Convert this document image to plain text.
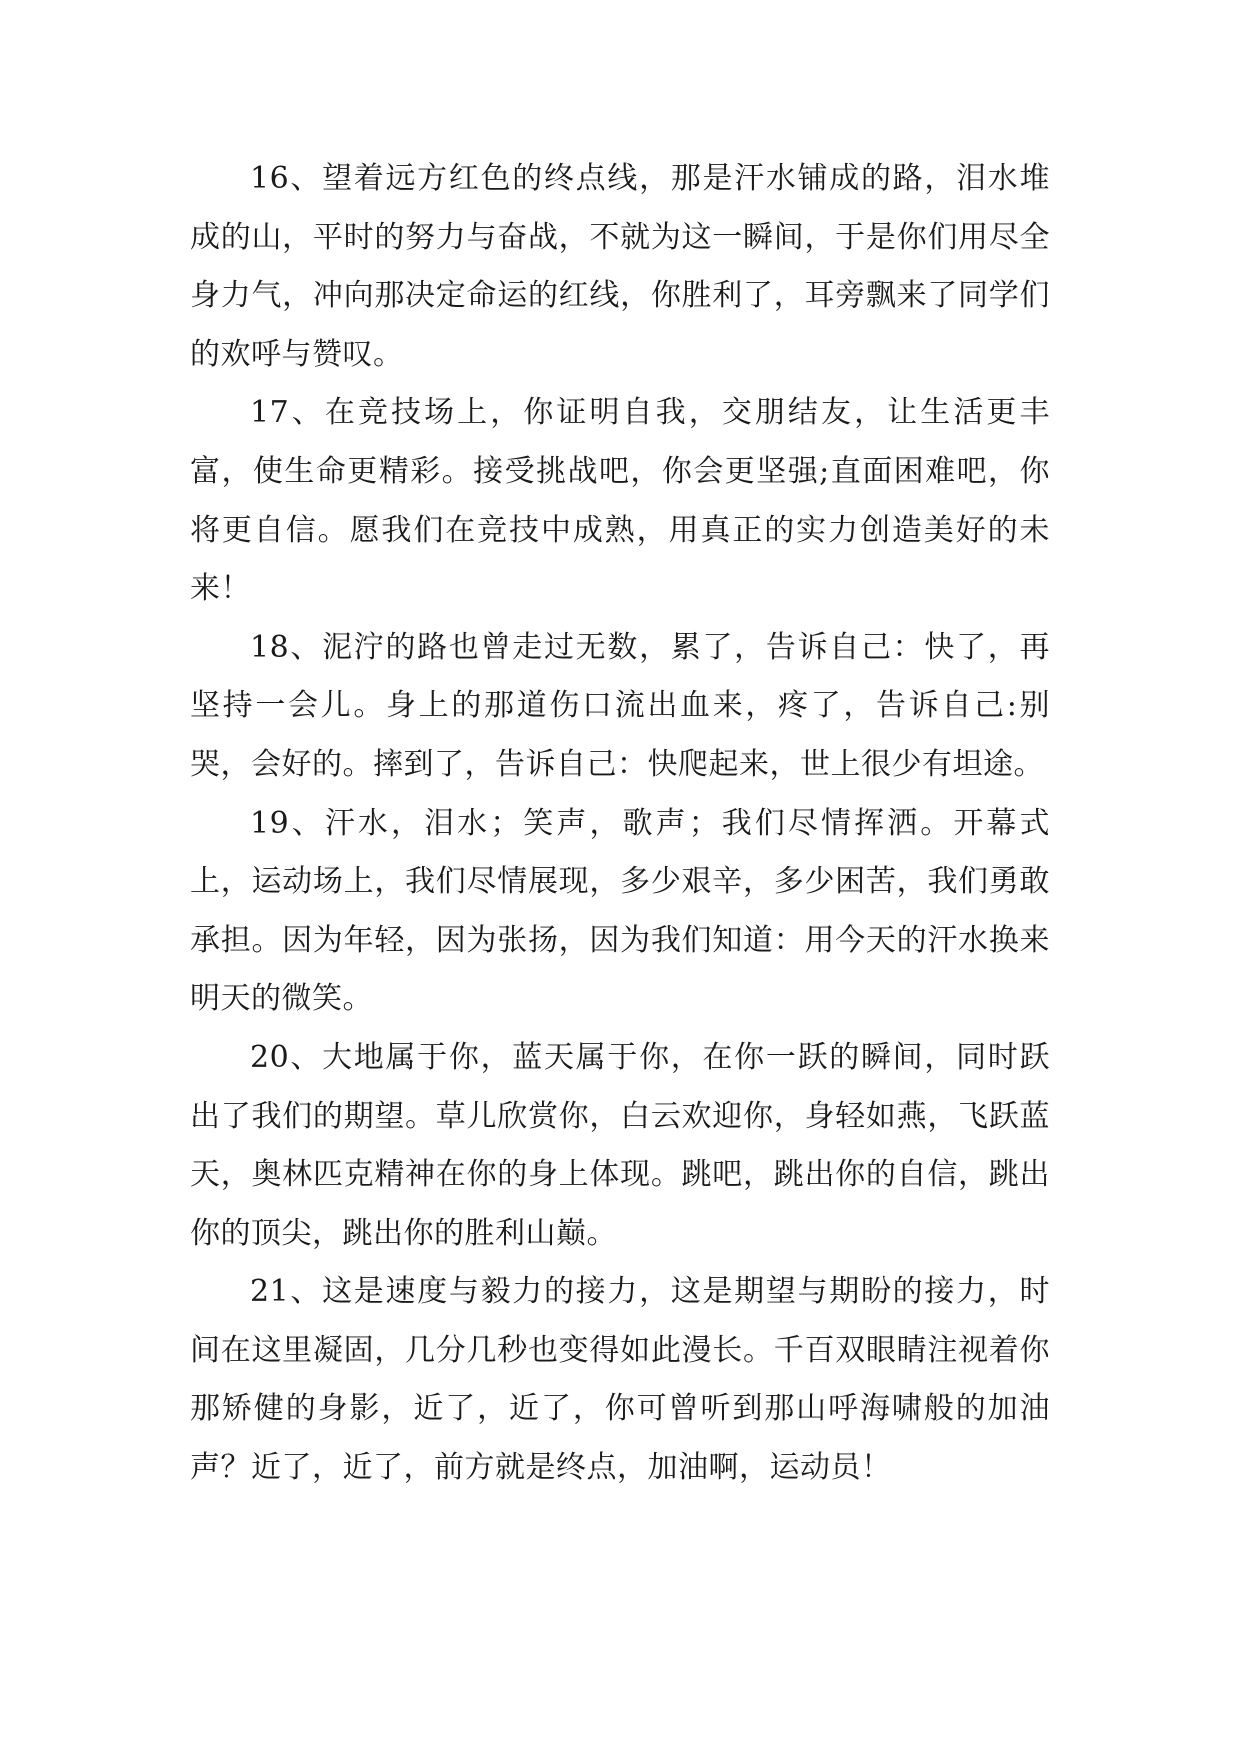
16、望着远方红色的终点线，那是汗水铺成的路，泪水堆成的山，平时的努力与奋战，不就为这一瞬间，于是你们用尽全身力气，冲向那决定命运的红线，你胜利了，耳旁飘来了同学们的欢呼与赞叹。

17、在竞技场上，你证明自我，交朋结友，让生活更丰富，使生命更精彩。接受挑战吧，你会更坚强;直面困难吧，你将更自信。愿我们在竞技中成熟，用真正的实力创造美好的未来！

18、泥泞的路也曾走过无数，累了，告诉自己：快了，再坚持一会儿。身上的那道伤口流出血来，疼了，告诉自己:别哭，会好的。摔到了，告诉自己：快爬起来，世上很少有坦途。

19、汗水，泪水；笑声，歌声；我们尽情挥洒。开幕式上，运动场上，我们尽情展现，多少艰辛，多少困苦，我们勇敢承担。因为年轻，因为张扬，因为我们知道：用今天的汗水换来明天的微笑。

20、大地属于你，蓝天属于你，在你一跃的瞬间，同时跃出了我们的期望。草儿欣赏你，白云欢迎你，身轻如燕，飞跃蓝天，奥林匹克精神在你的身上体现。跳吧，跳出你的自信，跳出你的顶尖，跳出你的胜利山巅。

21、这是速度与毅力的接力，这是期望与期盼的接力，时间在这里凝固，几分几秒也变得如此漫长。千百双眼睛注视着你那矫健的身影，近了，近了，你可曾听到那山呼海啸般的加油声？近了，近了，前方就是终点，加油啊，运动员！
